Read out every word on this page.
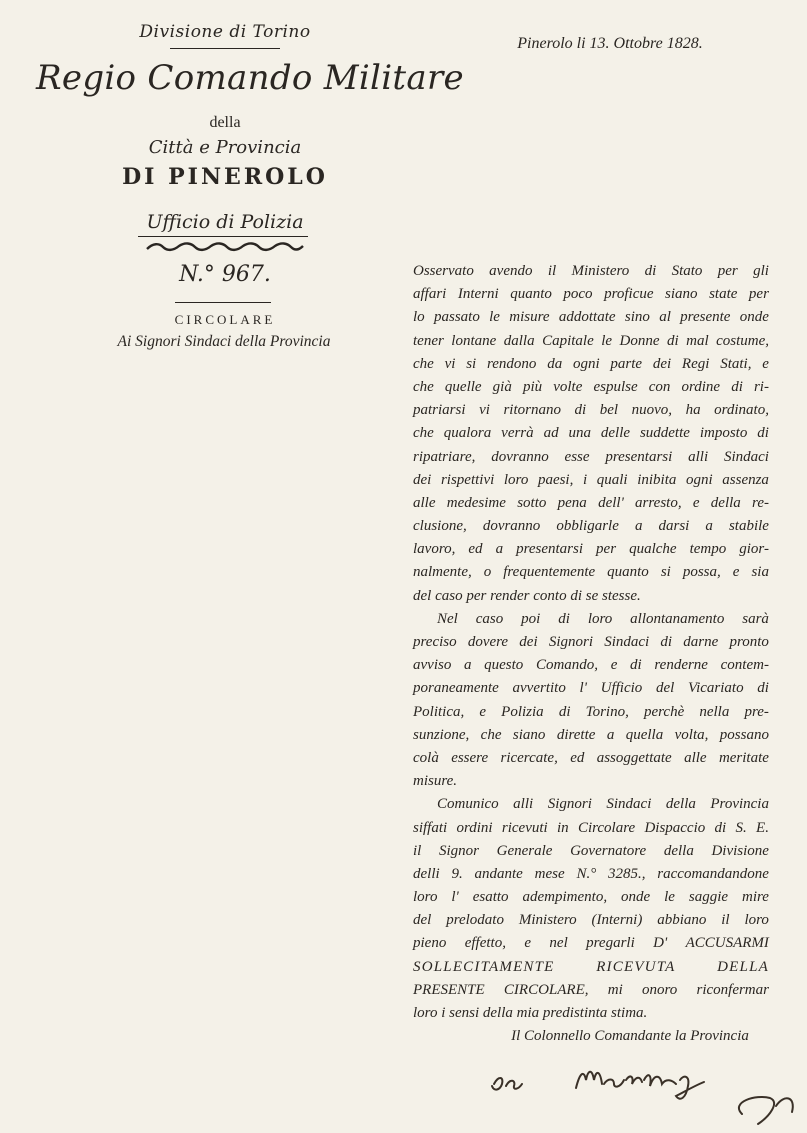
Divisione di Torino
Regio Comando Militare
della
Città e Provincia
DI PINEROLO
Ufficio di Polizia
N.° 967.
CIRCOLARE
Ai Signori Sindaci della Provincia
Pinerolo li 13. Ottobre 1828.
Osservato avendo il Ministero di Stato per gli
affari Interni quanto poco proficue siano state per
lo passato le misure addottate sino al presente onde
tener lontane dalla Capitale le Donne di mal costume,
che vi si rendono da ogni parte dei Regi Stati, e
che quelle già più volte espulse con ordine di ri-
patriarsi vi ritornano di bel nuovo, ha ordinato,
che qualora verrà ad una delle suddette imposto di
ripatriare, dovranno esse presentarsi alli Sindaci
dei rispettivi loro paesi, i quali inibita ogni assenza
alle medesime sotto pena dell' arresto, e della re-
clusione, dovranno obbligarle a darsi a stabile
lavoro, ed a presentarsi per qualche tempo gior-
nalmente, o frequentemente quanto si possa, e sia
del caso per render conto di se stesse.
Nel caso poi di loro allontanamento sarà
preciso dovere dei Signori Sindaci di darne pronto
avviso a questo Comando, e di renderne contem-
poraneamente avvertito l' Ufficio del Vicariato di
Politica, e Polizia di Torino, perchè nella pre-
sunzione, che siano dirette a quella volta, possano
colà essere ricercate, ed assoggettate alle meritate
misure.
Comunico alli Signori Sindaci della Provincia
siffati ordini ricevuti in Circolare Dispaccio di S. E.
il Signor Generale Governatore della Divisione
delli 9. andante mese N.° 3285., raccomandandone
loro l' esatto adempimento, onde le saggie mire
del prelodato Ministero (Interni) abbiano il loro
pieno effetto, e nel pregarli D' ACCUSARMI
SOLLECITAMENTE	RICEVUTA	DELLA
PRESENTE CIRCOLARE, mi onoro riconfermar
loro i sensi della mia predistinta stima.
Il Colonnello Comandante la Provincia
